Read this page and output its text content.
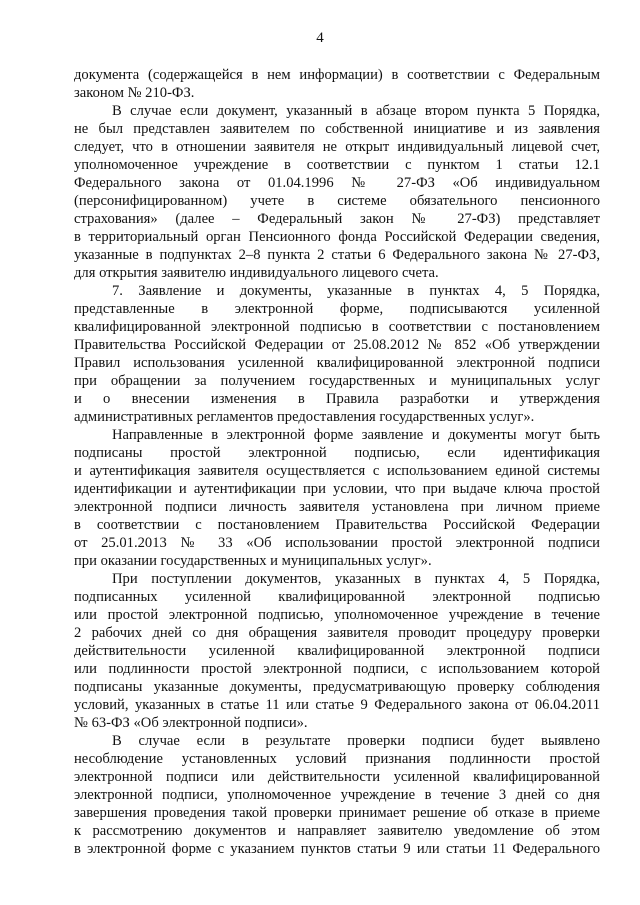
4

документа (содержащейся в нем информации) в соответствии с Федеральным
законом № 210-ФЗ.

В случае если документ, указанный в абзаце втором пункта 5 Порядка,
не был представлен заявителем по собственной инициативе и из заявления
следует, что в отношении заявителя не открыт индивидуальный лицевой счет,
уполномоченное учреждение в соответствии с пунктом 1 статьи 12.1
Федерального закона от 01.04.1996 № 27-ФЗ «Об индивидуальном
(персонифицированном) учете в системе обязательного пенсионного
страхования» (далее – Федеральный закон № 27-ФЗ) представляет
в территориальный орган Пенсионного фонда Российской Федерации сведения,
указанные в подпунктах 2–8 пункта 2 статьи 6 Федерального закона № 27-ФЗ,
для открытия заявителю индивидуального лицевого счета.

7. Заявление и документы, указанные в пунктах 4, 5 Порядка,
представленные в электронной форме, подписываются усиленной
квалифицированной электронной подписью в соответствии с постановлением
Правительства Российской Федерации от 25.08.2012 № 852 «Об утверждении
Правил использования усиленной квалифицированной электронной подписи
при обращении за получением государственных и муниципальных услуг
и о внесении изменения в Правила разработки и утверждения
административных регламентов предоставления государственных услуг».

Направленные в электронной форме заявление и документы могут быть
подписаны простой электронной подписью, если идентификация
и аутентификация заявителя осуществляется с использованием единой системы
идентификации и аутентификации при условии, что при выдаче ключа простой
электронной подписи личность заявителя установлена при личном приеме
в соответствии с постановлением Правительства Российской Федерации
от 25.01.2013 № 33 «Об использовании простой электронной подписи
при оказании государственных и муниципальных услуг».

При поступлении документов, указанных в пунктах 4, 5 Порядка,
подписанных усиленной квалифицированной электронной подписью
или простой электронной подписью, уполномоченное учреждение в течение
2 рабочих дней со дня обращения заявителя проводит процедуру проверки
действительности усиленной квалифицированной электронной подписи
или подлинности простой электронной подписи, с использованием которой
подписаны указанные документы, предусматривающую проверку соблюдения
условий, указанных в статье 11 или статье 9 Федерального закона от 06.04.2011
№ 63-ФЗ «Об электронной подписи».

В случае если в результате проверки подписи будет выявлено
несоблюдение установленных условий признания подлинности простой
электронной подписи или действительности усиленной квалифицированной
электронной подписи, уполномоченное учреждение в течение 3 дней со дня
завершения проведения такой проверки принимает решение об отказе в приеме
к рассмотрению документов и направляет заявителю уведомление об этом
в электронной форме с указанием пунктов статьи 9 или статьи 11 Федерального
